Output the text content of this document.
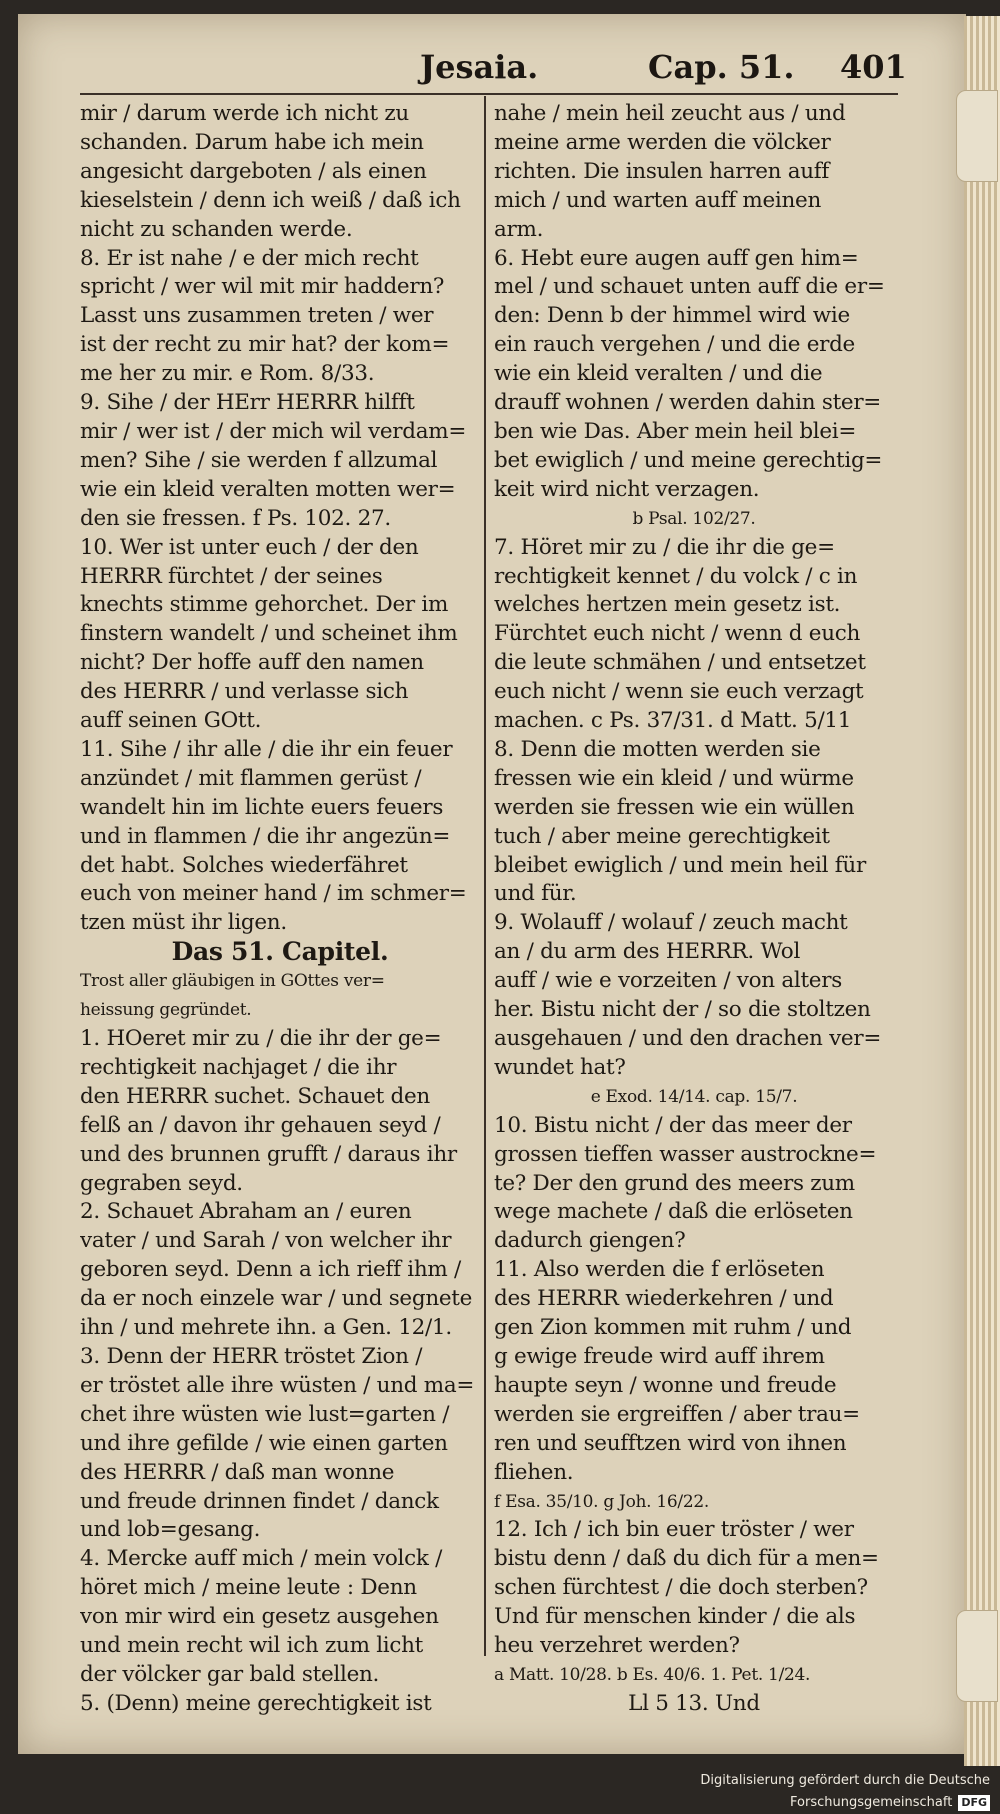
Jesaia.	Cap. 51. 401
mir / darum werde ich nicht zu
schanden. Darum habe ich mein
angesicht dargeboten / als einen
kieselstein / denn ich weiß / daß ich
nicht zu schanden werde.
8. Er ist nahe / e der mich recht
spricht / wer wil mit mir haddern?
Lasst uns zusammen treten / wer
ist der recht zu mir hat? der kom=
me her zu mir. e Rom. 8/33.
9. Sihe / der HErr HERRR hilfft
mir / wer ist / der mich wil verdam=
men? Sihe / sie werden f allzumal
wie ein kleid veralten motten wer=
den sie fressen. f Ps. 102. 27.
10. Wer ist unter euch / der den
HERRR fürchtet / der seines
knechts stimme gehorchet. Der im
finstern wandelt / und scheinet ihm
nicht? Der hoffe auff den namen
des HERRR / und verlasse sich
auff seinen GOtt.
11. Sihe / ihr alle / die ihr ein feuer
anzündet / mit flammen gerüst /
wandelt hin im lichte euers feuers
und in flammen / die ihr angezün=
det habt. Solches wiederfähret
euch von meiner hand / im schmer=
tzen müst ihr ligen.
Das 51. Capitel.
Trost aller gläubigen in GOttes ver=
heissung gegründet.
1. HOeret mir zu / die ihr der ge=
rechtigkeit nachjaget / die ihr
den HERRR suchet. Schauet den
felß an / davon ihr gehauen seyd /
und des brunnen grufft / daraus ihr
gegraben seyd.
2. Schauet Abraham an / euren
vater / und Sarah / von welcher ihr
geboren seyd. Denn a ich rieff ihm /
da er noch einzele war / und segnete
ihn / und mehrete ihn. a Gen. 12/1.
3. Denn der HERR tröstet Zion /
er tröstet alle ihre wüsten / und ma=
chet ihre wüsten wie lust=garten /
und ihre gefilde / wie einen garten
des HERRR / daß man wonne
und freude drinnen findet / danck
und lob=gesang.
4. Mercke auff mich / mein volck /
höret mich / meine leute : Denn
von mir wird ein gesetz ausgehen
und mein recht wil ich zum licht
der völcker gar bald stellen.
5. (Denn) meine gerechtigkeit ist
nahe / mein heil zeucht aus / und
meine arme werden die völcker
richten. Die insulen harren auff
mich / und warten auff meinen
arm.
6. Hebt eure augen auff gen him=
mel / und schauet unten auff die er=
den: Denn b der himmel wird wie
ein rauch vergehen / und die erde
wie ein kleid veralten / und die
drauff wohnen / werden dahin ster=
ben wie Das. Aber mein heil blei=
bet ewiglich / und meine gerechtig=
keit wird nicht verzagen.
b Psal. 102/27.
7. Höret mir zu / die ihr die ge=
rechtigkeit kennet / du volck / c in
welches hertzen mein gesetz ist.
Fürchtet euch nicht / wenn d euch
die leute schmähen / und entsetzet
euch nicht / wenn sie euch verzagt
machen. c Ps. 37/31. d Matt. 5/11
8. Denn die motten werden sie
fressen wie ein kleid / und würme
werden sie fressen wie ein wüllen
tuch / aber meine gerechtigkeit
bleibet ewiglich / und mein heil für
und für.
9. Wolauff / wolauf / zeuch macht
an / du arm des HERRR. Wol
auff / wie e vorzeiten / von alters
her. Bistu nicht der / so die stoltzen
ausgehauen / und den drachen ver=
wundet hat?
e Exod. 14/14. cap. 15/7.
10. Bistu nicht / der das meer der
grossen tieffen wasser austrockne=
te? Der den grund des meers zum
wege machete / daß die erlöseten
dadurch giengen?
11. Also werden die f erlöseten
des HERRR wiederkehren / und
gen Zion kommen mit ruhm / und
g ewige freude wird auff ihrem
haupte seyn / wonne und freude
werden sie ergreiffen / aber trau=
ren und seufftzen wird von ihnen
fliehen.
f Esa. 35/10. g Joh. 16/22.
12. Ich / ich bin euer tröster / wer
bistu denn / daß du dich für a men=
schen fürchtest / die doch sterben?
Und für menschen kinder / die als
heu verzehret werden?
a Matt. 10/28. b Es. 40/6. 1. Pet. 1/24.
Ll 5 13. Und
Digitalisierung gefördert durch die Deutsche Forschungsgemeinschaft DFG
